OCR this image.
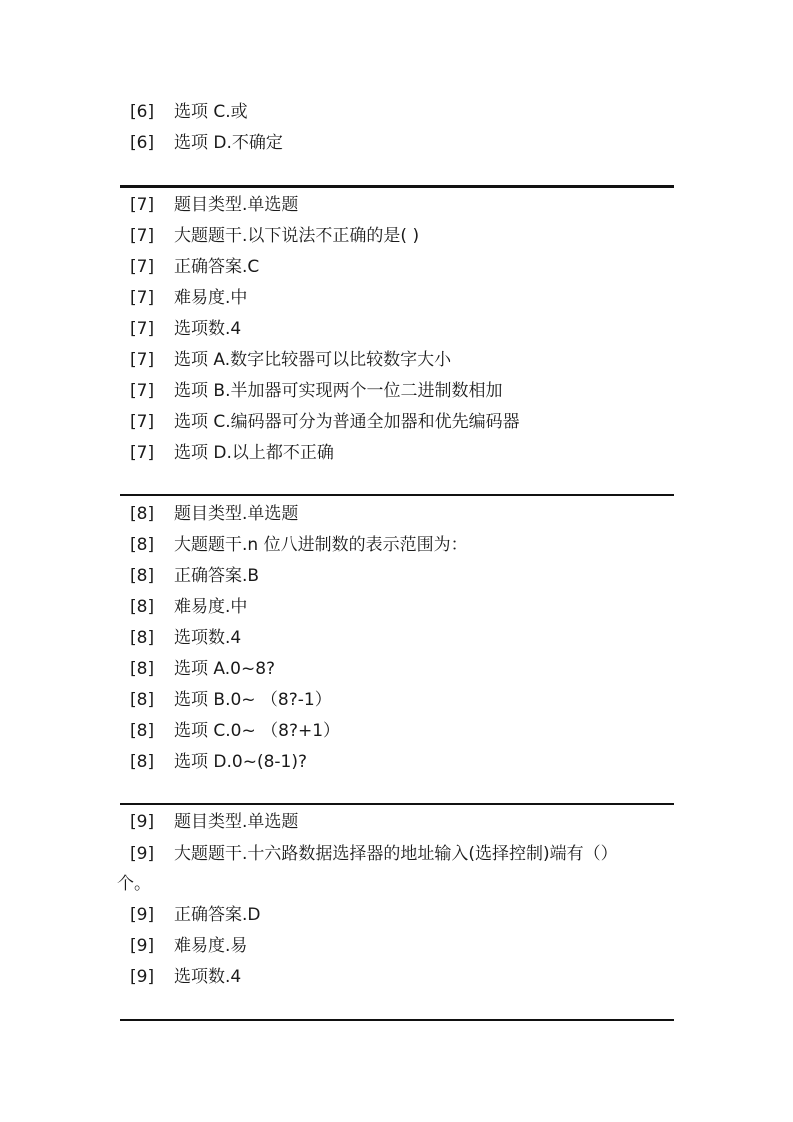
[6] 选项 C.或
[6] 选项 D.不确定
[7] 题目类型.单选题
[7] 大题题干.以下说法不正确的是( )
[7] 正确答案.C
[7] 难易度.中
[7] 选项数.4
[7] 选项 A.数字比较器可以比较数字大小
[7] 选项 B.半加器可实现两个一位二进制数相加
[7] 选项 C.编码器可分为普通全加器和优先编码器
[7] 选项 D.以上都不正确
[8] 题目类型.单选题
[8] 大题题干.n 位八进制数的表示范围为：
[8] 正确答案.B
[8] 难易度.中
[8] 选项数.4
[8] 选项 A.0~8?
[8] 选项 B.0~ （8?-1）
[8] 选项 C.0~ （8?+1）
[8] 选项 D.0~(8-1)?
[9] 题目类型.单选题
[9] 大题题干.十六路数据选择器的地址输入(选择控制)端有（）
个。
[9] 正确答案.D
[9] 难易度.易
[9] 选项数.4
